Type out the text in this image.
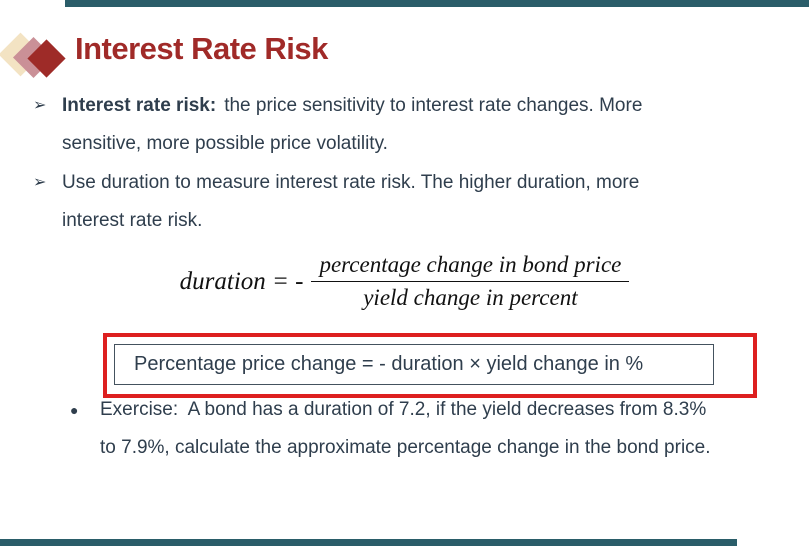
Interest Rate Risk
➢ Interest rate risk: the price sensitivity to interest rate changes. More
sensitive, more possible price volatility.
➢ Use duration to measure interest rate risk. The higher duration, more
interest rate risk.
duration = - $\frac{\text{percentage change in bond price}}{\text{yield change in percent}}$
Percentage price change = - duration × yield change in %
●	Exercise:  A bond has a duration of 7.2, if the yield decreases from 8.3%
to 7.9%, calculate the approximate percentage change in the bond price.
